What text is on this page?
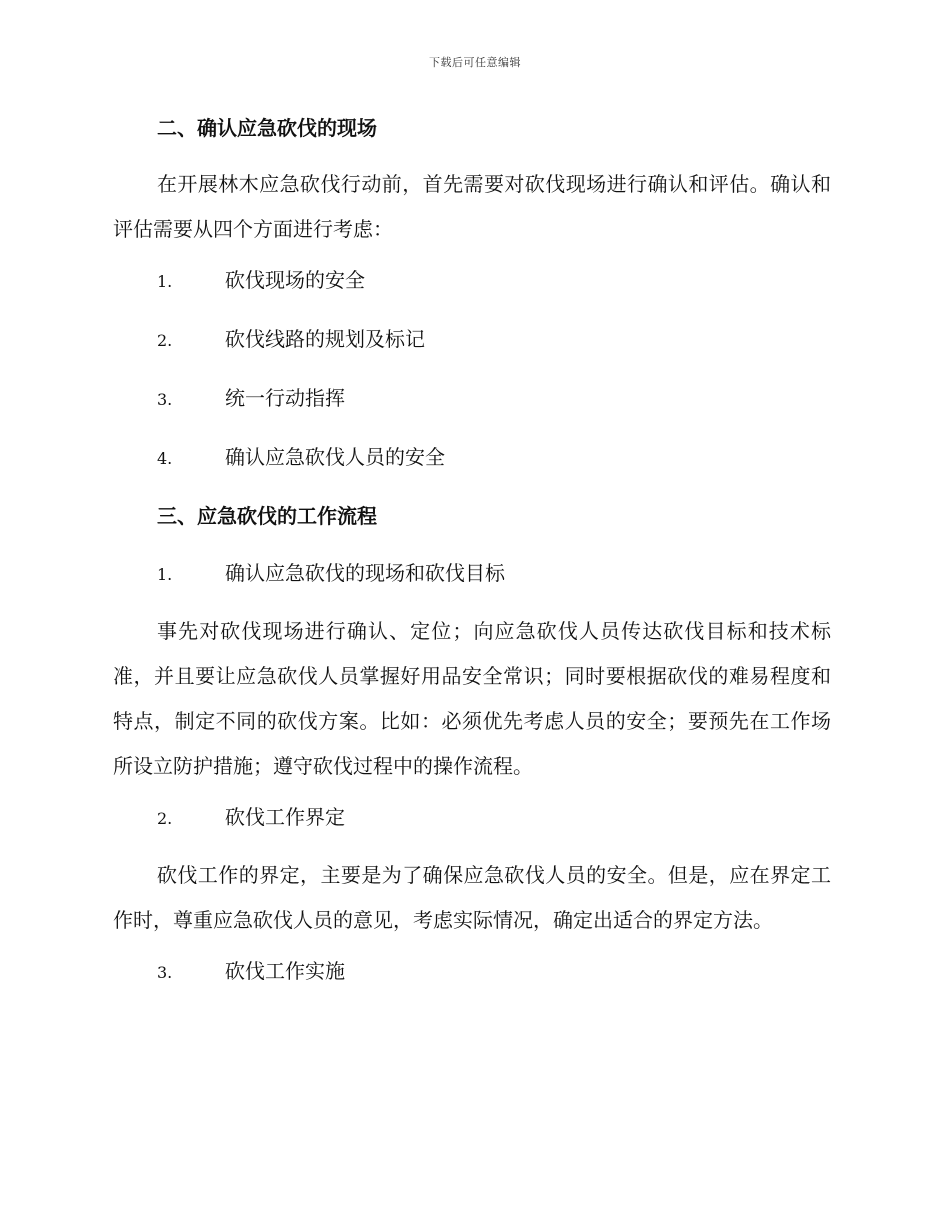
下载后可任意编辑
二、确认应急砍伐的现场

在开展林木应急砍伐行动前，首先需要对砍伐现场进行确认和评估。确认和评估需要从四个方面进行考虑：

1.	砍伐现场的安全
2.	砍伐线路的规划及标记
3.	统一行动指挥
4.	确认应急砍伐人员的安全
三、应急砍伐的工作流程
1.	确认应急砍伐的现场和砍伐目标

事先对砍伐现场进行确认、定位；向应急砍伐人员传达砍伐目标和技术标准，并且要让应急砍伐人员掌握好用品安全常识；同时要根据砍伐的难易程度和特点，制定不同的砍伐方案。比如：必须优先考虑人员的安全；要预先在工作场所设立防护措施；遵守砍伐过程中的操作流程。

2.	砍伐工作界定

砍伐工作的界定，主要是为了确保应急砍伐人员的安全。但是，应在界定工作时，尊重应急砍伐人员的意见，考虑实际情况，确定出适合的界定方法。

3.	砍伐工作实施
